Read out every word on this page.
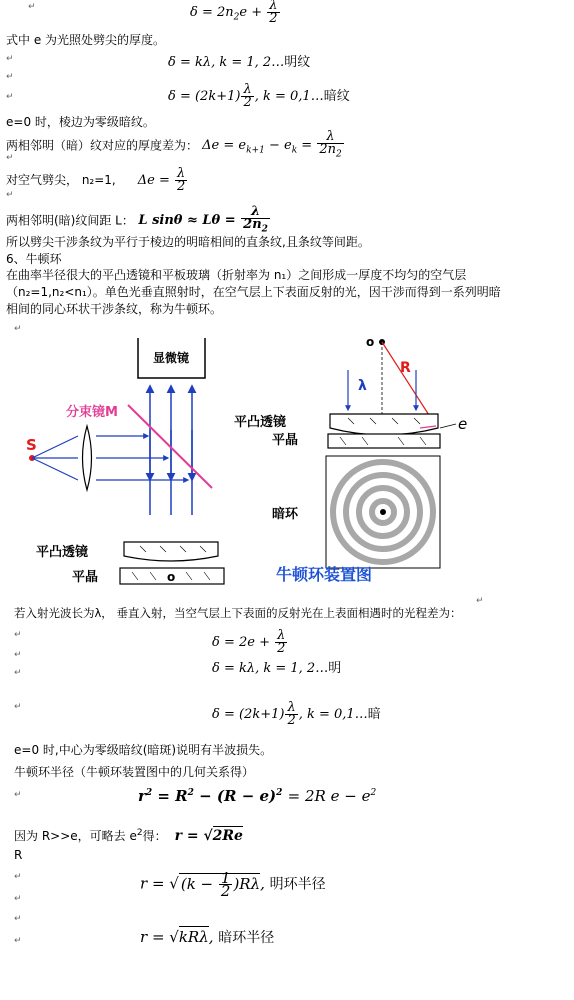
↵	$\delta = 2n_2e + \frac{\lambda}{2}$
式中 e 为光照处劈尖的厚度。
↵	δ = kλ, k = 1, 2…明纹
↵
↵	$\delta = (2k+1) \frac{\lambda}{2}$ , k = 0,1…暗纹
e=0 时，棱边为零级暗纹。
两相邻明（暗）纹对应的厚度差为： $\Delta e = e_{k+1} - e_k = \frac{\lambda}{2n_2}$
↵
对空气劈尖， n₂=1, $\Delta e = \frac{\lambda}{2}$
↵
两相邻明(暗)纹间距 L： L $\sin\theta \approx L\theta = \frac{\lambda}{2n_2}$
所以劈尖干涉条纹为平行于棱边的明暗相间的直条纹,且条纹等间距。
6、牛顿环
在曲率半径很大的平凸透镜和平板玻璃（折射率为 n₁）之间形成一厚度不均匀的空气层
（n₂=1,n₂<n₁）。单色光垂直照射时，在空气层上下表面反射的光，因干涉而得到一系列明暗
相间的同心环状干涉条纹，称为牛顿环。
↵
显微镜
分束镜M
S
平凸透镜
平晶	o
o
R
λ
平凸透镜	e
平晶
暗环
牛顿环装置图
↵
若入射光波长为λ， 垂直入射，当空气层上下表面的反射光在上表面相遇时的光程差为：
↵
↵
$\delta = 2e + \frac{\lambda}{2}$
δ = kλ, k = 1, 2…明
↵
↵	$\delta = (2k+1) \frac{\lambda}{2}$ , k = 0,1…暗
e=0 时,中心为零级暗纹(暗斑)说明有半波损失。
牛顿环半径（牛顿环装置图中的几何关系得）
↵	$r^2 = R^2 - (R - e)^2 = 2R$ $e - e^2$
因为 R>>e，可略去 $e^2$得： r = √2Re
R
↵
↵
r = √ $(k - \frac{1}{2} )R\lambda$, 明环半径
↵
↵	r = √kRλ, 暗环半径
